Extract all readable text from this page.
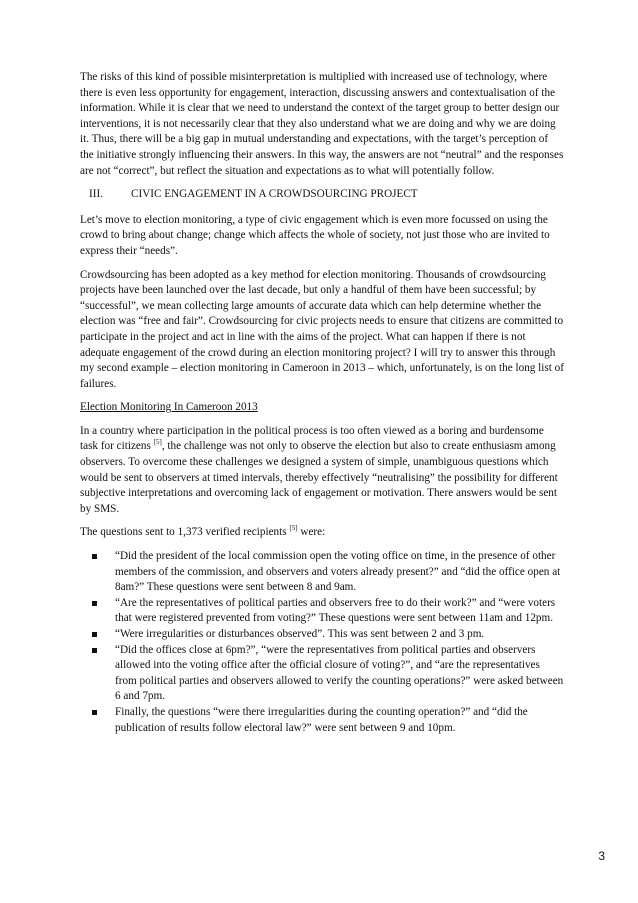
The risks of this kind of possible misinterpretation is multiplied with increased use of technology, where there is even less opportunity for engagement, interaction, discussing answers and contextualisation of the information. While it is clear that we need to understand the context of the target group to better design our interventions, it is not necessarily clear that they also understand what we are doing and why we are doing it. Thus, there will be a big gap in mutual understanding and expectations, with the target’s perception of the initiative strongly influencing their answers. In this way, the answers are not “neutral” and the responses are not “correct”, but reflect the situation and expectations as to what will potentially follow.

III.	CIVIC ENGAGEMENT IN A CROWDSOURCING PROJECT

Let’s move to election monitoring, a type of civic engagement which is even more focussed on using the crowd to bring about change; change which affects the whole of society, not just those who are invited to express their “needs”.

Crowdsourcing has been adopted as a key method for election monitoring. Thousands of crowdsourcing projects have been launched over the last decade, but only a handful of them have been successful; by “successful”, we mean collecting large amounts of accurate data which can help determine whether the election was “free and fair”. Crowdsourcing for civic projects needs to ensure that citizens are committed to participate in the project and act in line with the aims of the project. What can happen if there is not adequate engagement of the crowd during an election monitoring project? I will try to answer this through my second example – election monitoring in Cameroon in 2013 – which, unfortunately, is on the long list of failures.

Election Monitoring In Cameroon 2013

In a country where participation in the political process is too often viewed as a boring and burdensome task for citizens [5], the challenge was not only to observe the election but also to create enthusiasm among observers. To overcome these challenges we designed a system of simple, unambiguous questions which would be sent to observers at timed intervals, thereby effectively “neutralising” the possibility for different subjective interpretations and overcoming lack of engagement or motivation. There answers would be sent by SMS.

The questions sent to 1,373 verified recipients [5] were:

“Did the president of the local commission open the voting office on time, in the presence of other members of the commission, and observers and voters already present?” and “did the office open at 8am?” These questions were sent between 8 and 9am.
“Are the representatives of political parties and observers free to do their work?” and “were voters that were registered prevented from voting?” These questions were sent between 11am and 12pm.
“Were irregularities or disturbances observed”. This was sent between 2 and 3 pm.
“Did the offices close at 6pm?”, “were the representatives from political parties and observers allowed into the voting office after the official closure of voting?”, and “are the representatives from political parties and observers allowed to verify the counting operations?” were asked between 6 and 7pm.
Finally, the questions “were there irregularities during the counting operation?” and “did the publication of results follow electoral law?” were sent between 9 and 10pm.
3
